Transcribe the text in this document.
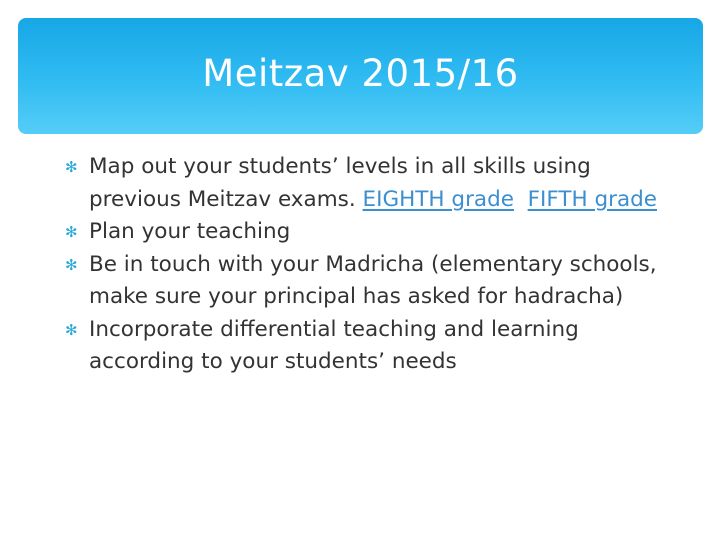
Meitzav 2015/16
✻ Map out your students’ levels in all skills using previous Meitzav exams. EIGHTH grade FIFTH grade
✻ Plan your teaching
✻ Be in touch with your Madricha (elementary schools, make sure your principal has asked for hadracha)
✻ Incorporate differential teaching and learning according to your students’ needs
